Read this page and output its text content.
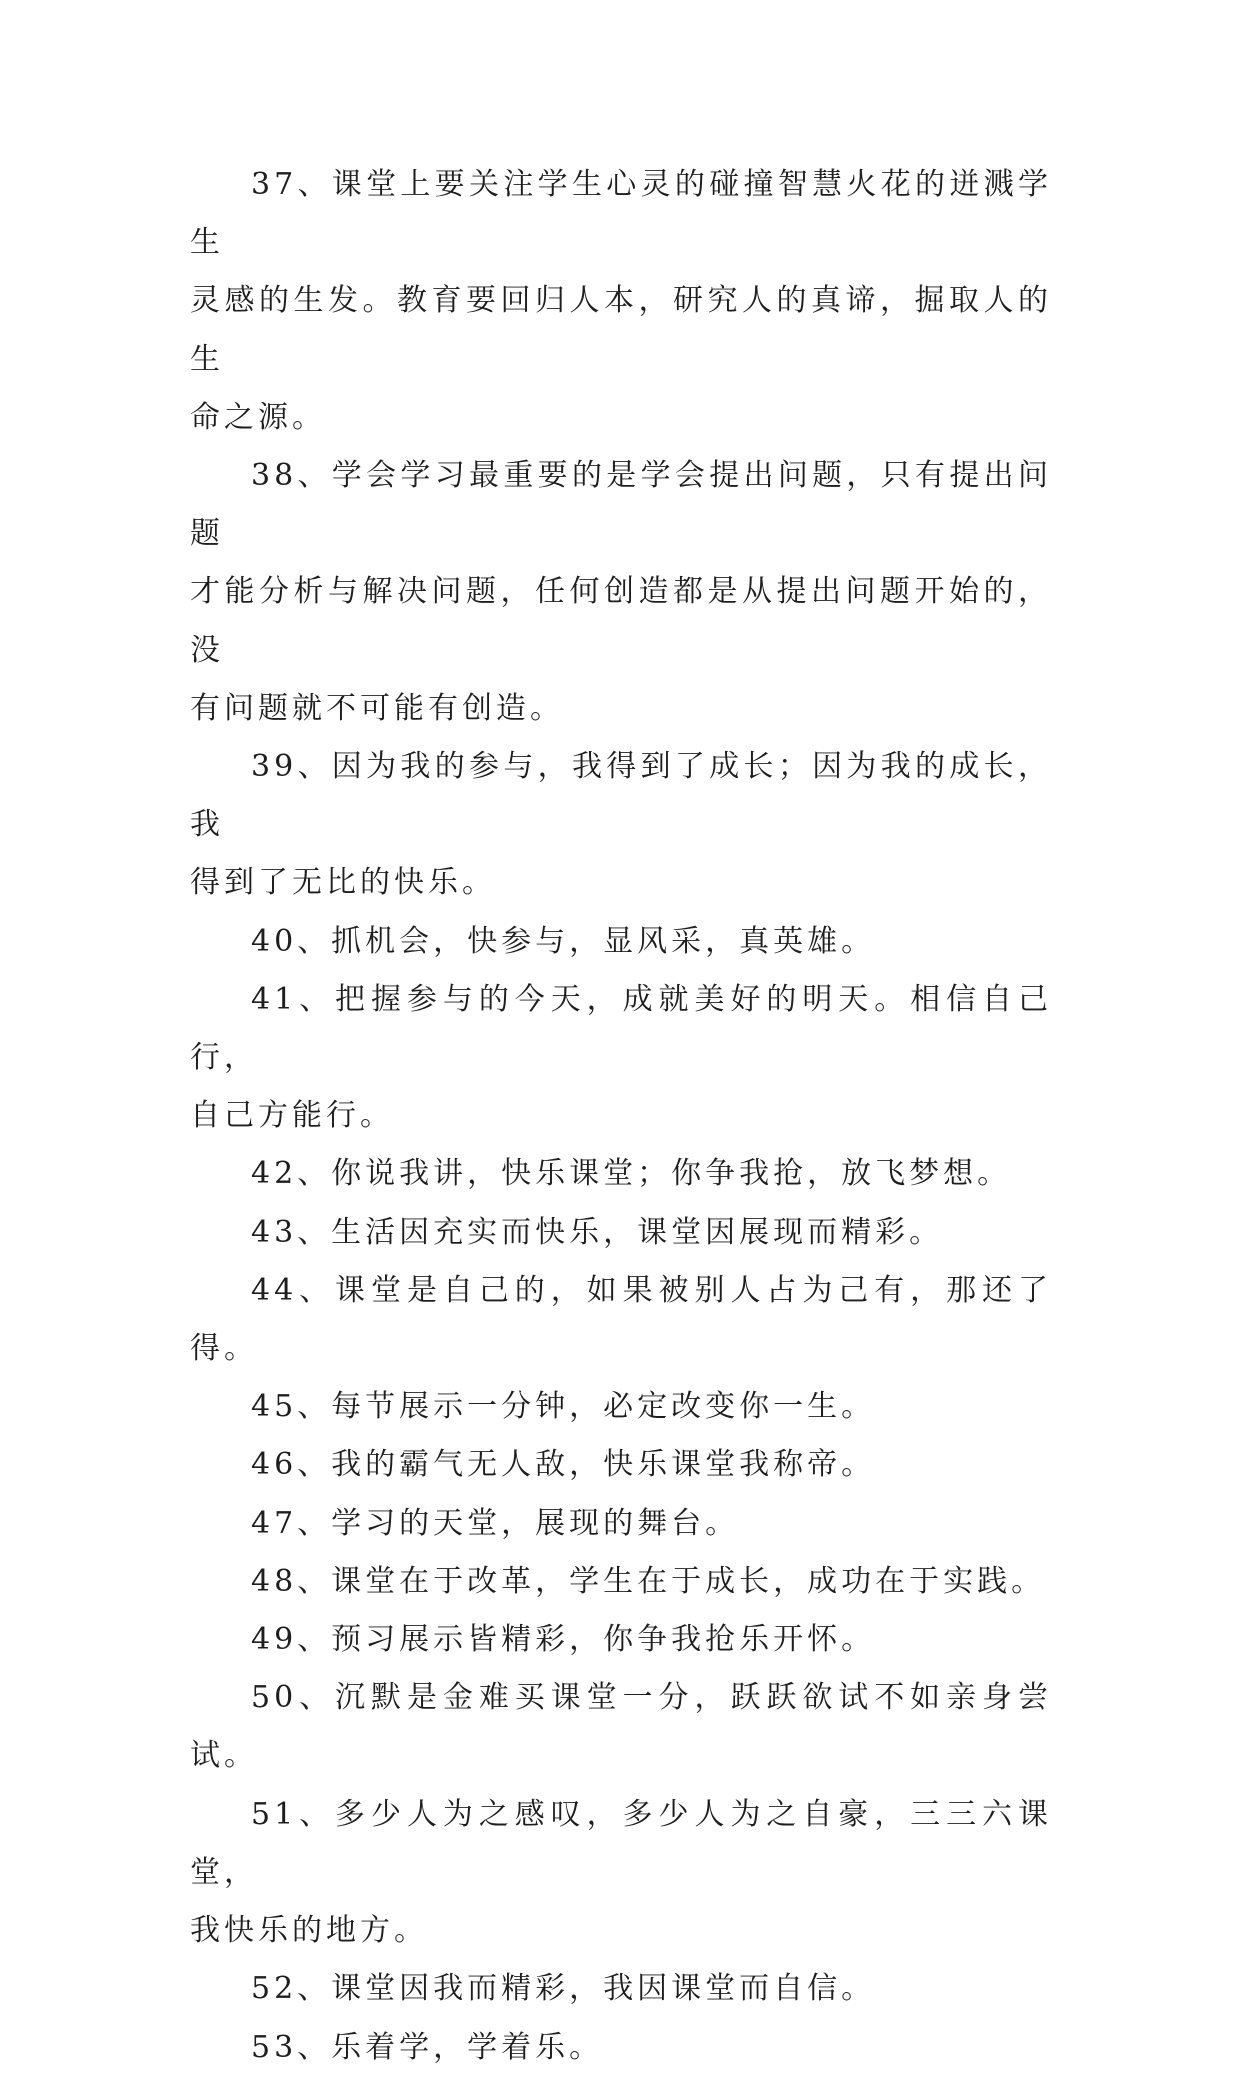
37、课堂上要关注学生心灵的碰撞智慧火花的迸溅学生
灵感的生发。教育要回归人本，研究人的真谛，掘取人的生
命之源。
38、学会学习最重要的是学会提出问题，只有提出问题
才能分析与解决问题，任何创造都是从提出问题开始的，没
有问题就不可能有创造。
39、因为我的参与，我得到了成长；因为我的成长，我
得到了无比的快乐。
40、抓机会，快参与，显风采，真英雄。
41、把握参与的今天，成就美好的明天。相信自己行，
自己方能行。
42、你说我讲，快乐课堂；你争我抢，放飞梦想。
43、生活因充实而快乐，课堂因展现而精彩。
44、课堂是自己的，如果被别人占为己有，那还了得。
45、每节展示一分钟，必定改变你一生。
46、我的霸气无人敌，快乐课堂我称帝。
47、学习的天堂，展现的舞台。
48、课堂在于改革，学生在于成长，成功在于实践。
49、预习展示皆精彩，你争我抢乐开怀。
50、沉默是金难买课堂一分，跃跃欲试不如亲身尝试。
51、多少人为之感叹，多少人为之自豪，三三六课堂，
我快乐的地方。
52、课堂因我而精彩，我因课堂而自信。
53、乐着学，学着乐。
